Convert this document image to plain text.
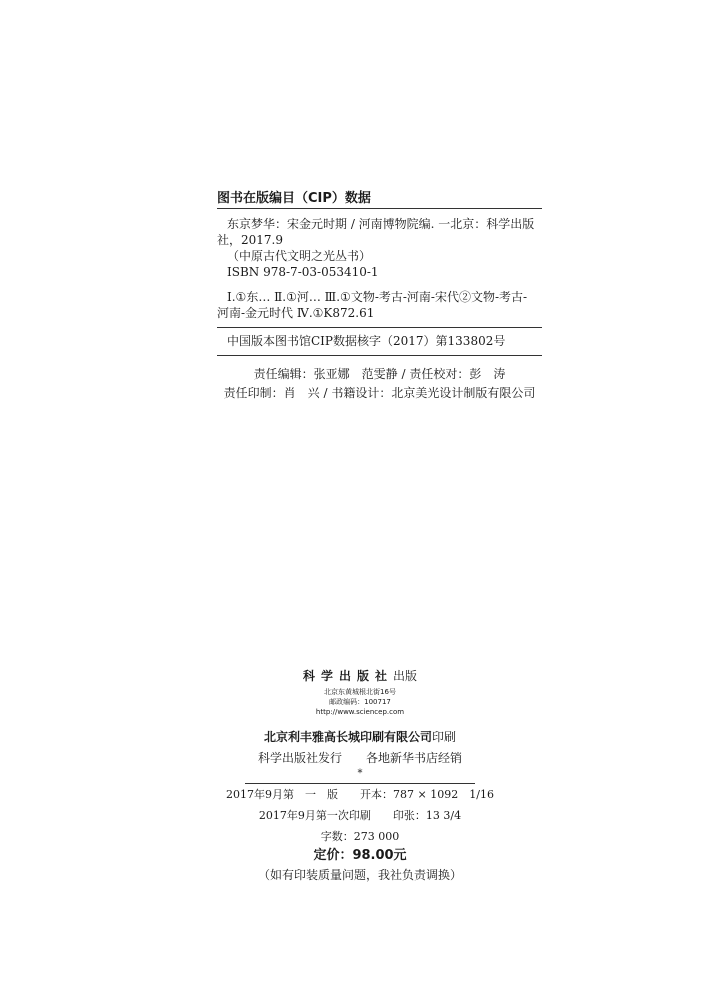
图书在版编目（CIP）数据
东京梦华：宋金元时期 / 河南博物院编. 一北京：科学出版
社，2017.9
（中原古代文明之光丛书）
ISBN 978-7-03-053410-1
Ⅰ.①东… Ⅱ.①河… Ⅲ.①文物-考古-河南-宋代②文物-考古-
河南-金元时代 Ⅳ.①K872.61
中国版本图书馆CIP数据核字（2017）第133802号
责任编辑：张亚娜　范雯静 / 责任校对：彭　涛
责任印制：肖　兴 / 书籍设计：北京美光设计制版有限公司
科学出版社出版
北京东黄城根北街16号
邮政编码：100717
http://www.sciencep.com
北京利丰雅高长城印刷有限公司印刷
科学出版社发行　　各地新华书店经销
*
2017年9月第　一　版　　开本：787 × 1092　1/16
2017年9月第一次印刷　　印张：13 3/4
字数：273 000
定价：98.00元
（如有印装质量问题，我社负责调换）
